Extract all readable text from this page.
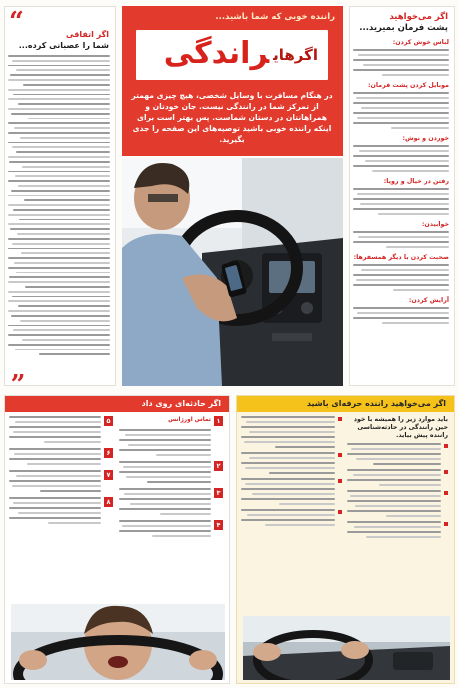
“	اگر اتفاقی
شما را عصبانی کرده...
„
راننده خوبی که شما باشید...
اگرهایراندگی
در هنگام مسافرت با وسایل شخصی، هیچ چیزی مهمتر از تمرکز شما در رانندگی نیست. جان خودتان و همراهانتان در دستان شماست. پس بهتر است برای اینکه راننده خوبی باشید توصیه‌های این صفحه را جدی بگیرید.
اگر می‌خواهید
پشت فرمان بمیرید...
لباس خوش کردن:
موبایل کردن پشت فرمان:
خوردن و نوش:
رفتن در خیال و رویا:
خوابیدن:
صحبت کردن با دیگر همسفرها:
آرایش کردن:
اگر حادثه‌ای روی داد
۱
تماس اورژانس
۲
۳
۴
۵
۶
۷
۸
اگر می‌خواهید راننده حرفه‌ای باشید
باید موارد زیر را همیشه با خود حین رانندگی در حادثه‌شناسی راننده پیش بیاید.
